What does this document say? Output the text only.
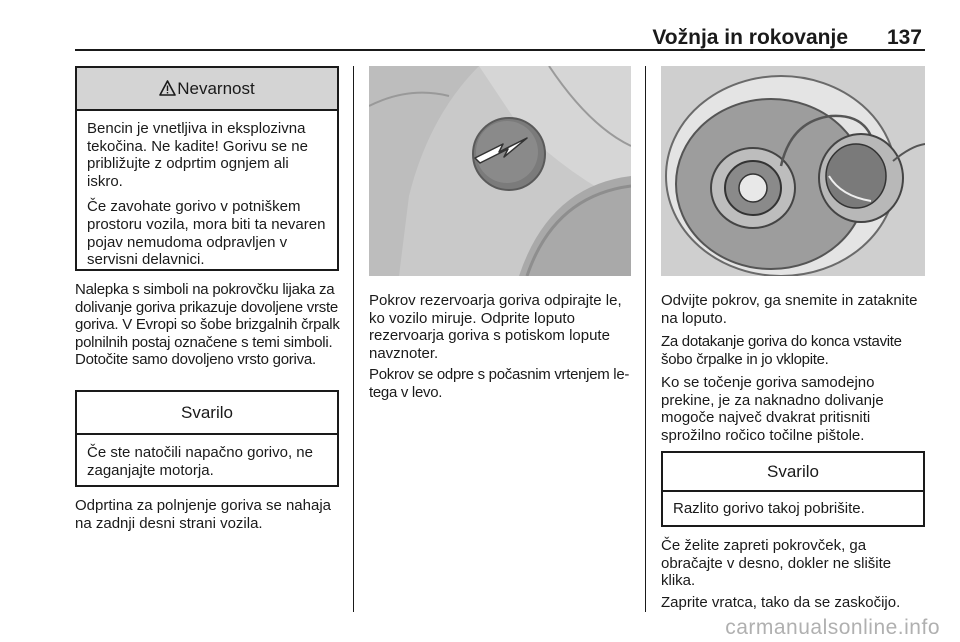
Vožnja in rokovanje 137
Nevarnost

Bencin je vnetljiva in eksplozivna tekočina. Ne kadite! Gorivu se ne približujte z odprtim ognjem ali iskro.

Če zavohate gorivo v potniškem prostoru vozila, mora biti ta nevaren pojav nemudoma odpravljen v servisni delavnici.

Nalepka s simboli na pokrovčku lijaka za dolivanje goriva prikazuje dovoljene vrste goriva. V Evropi so šobe brizgalnih črpalk polnilnih postaj označene s temi simboli. Dotočite samo dovoljeno vrsto goriva.

Svarilo

Če ste natočili napačno gorivo, ne zaganjajte motorja.

Odprtina za polnjenje goriva se nahaja na zadnji desni strani vozila.

Pokrov rezervoarja goriva odpirajte le, ko vozilo miruje. Odprite loputo rezervoarja goriva s potiskom lopute navznoter.

Pokrov se odpre s počasnim vrtenjem le-tega v levo.

Odvijte pokrov, ga snemite in zataknite na loputo.

Za dotakanje goriva do konca vstavite šobo črpalke in jo vklopite.

Ko se točenje goriva samodejno prekine, je za naknadno dolivanje mogoče največ dvakrat pritisniti sprožilno ročico točilne pištole.

Svarilo

Razlito gorivo takoj pobrišite.

Če želite zapreti pokrovček, ga obračajte v desno, dokler ne slišite klika.

Zaprite vratca, tako da se zaskočijo.

carmanualsonline.info
